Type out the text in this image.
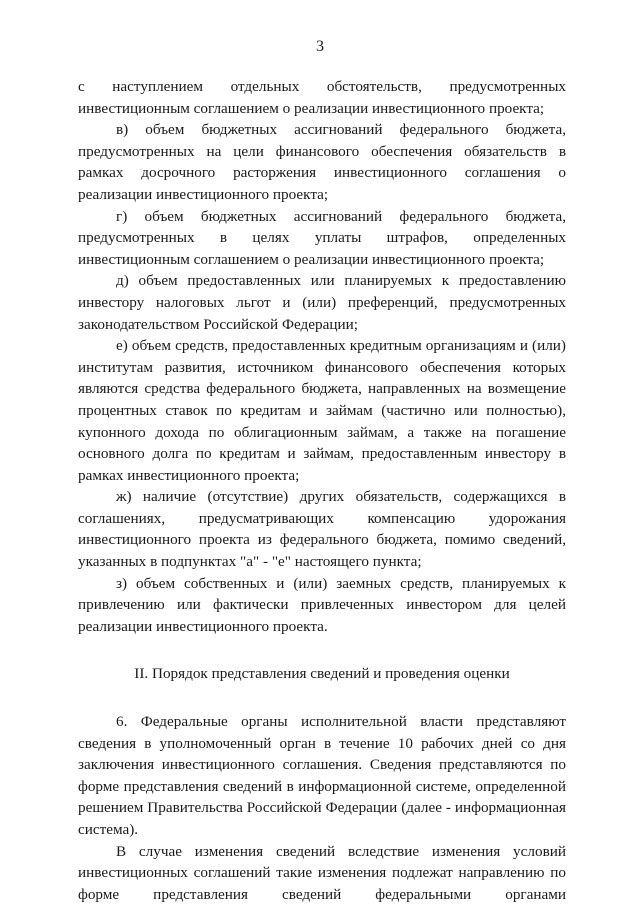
3

с наступлением отдельных обстоятельств, предусмотренных инвестиционным соглашением о реализации инвестиционного проекта;

в) объем бюджетных ассигнований федерального бюджета, предусмотренных на цели финансового обеспечения обязательств в рамках досрочного расторжения инвестиционного соглашения о реализации инвестиционного проекта;

г) объем бюджетных ассигнований федерального бюджета, предусмотренных в целях уплаты штрафов, определенных инвестиционным соглашением о реализации инвестиционного проекта;

д) объем предоставленных или планируемых к предоставлению инвестору налоговых льгот и (или) преференций, предусмотренных законодательством Российской Федерации;

е) объем средств, предоставленных кредитным организациям и (или) институтам развития, источником финансового обеспечения которых являются средства федерального бюджета, направленных на возмещение процентных ставок по кредитам и займам (частично или полностью), купонного дохода по облигационным займам, а также на погашение основного долга по кредитам и займам, предоставленным инвестору в рамках инвестиционного проекта;

ж) наличие (отсутствие) других обязательств, содержащихся в соглашениях, предусматривающих компенсацию удорожания инвестиционного проекта из федерального бюджета, помимо сведений, указанных в подпунктах "а" - "е" настоящего пункта;

з) объем собственных и (или) заемных средств, планируемых к привлечению или фактически привлеченных инвестором для целей реализации инвестиционного проекта.

II. Порядок представления сведений и проведения оценки

6. Федеральные органы исполнительной власти представляют сведения в уполномоченный орган в течение 10 рабочих дней со дня заключения инвестиционного соглашения. Сведения представляются по форме представления сведений в информационной системе, определенной решением Правительства Российской Федерации (далее - информационная система).

В случае изменения сведений вследствие изменения условий инвестиционных соглашений такие изменения подлежат направлению по форме представления сведений федеральными органами
